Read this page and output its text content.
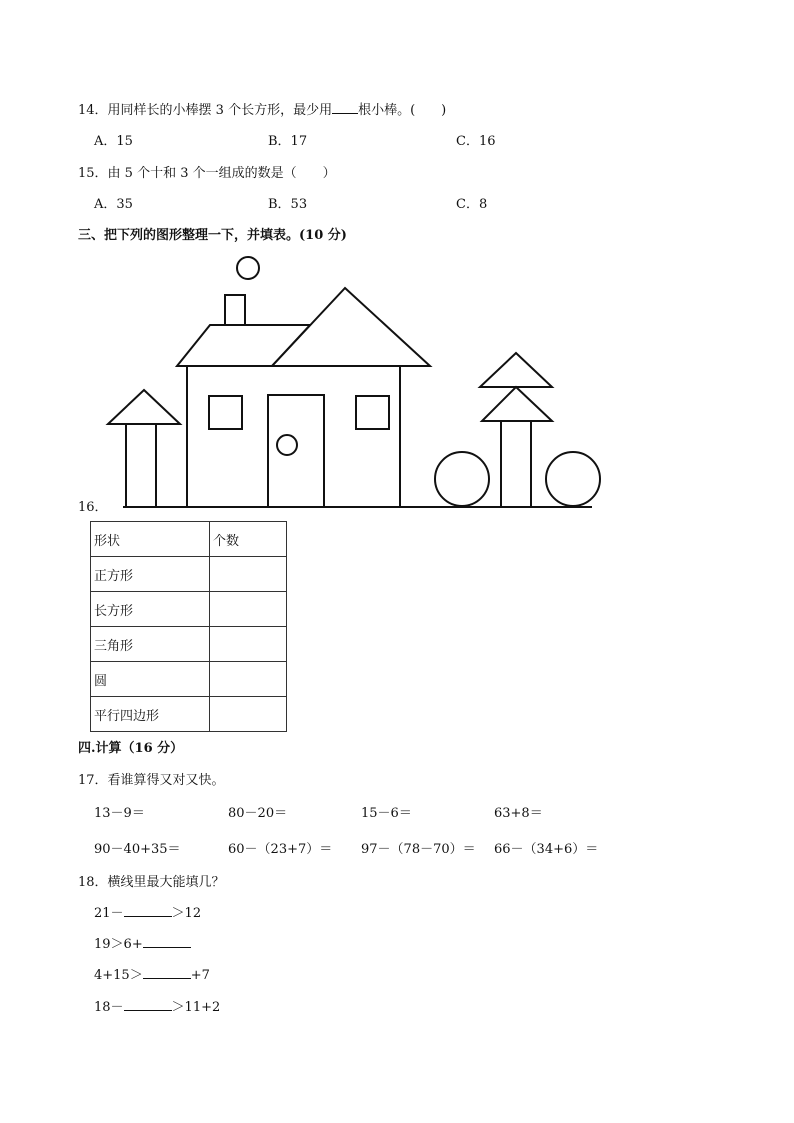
14．用同样长的小棒摆 3 个长方形，最少用 根小棒。(　　)
A．15	B．17	C．16
15．由 5 个十和 3 个一组成的数是（　　）
A．35	B．53	C．8
三、把下列的图形整理一下，并填表。(10 分)
16．
形状	个数
正方形	
长方形	
三角形	
圆	
平行四边形	
四.计算（16 分）
17．看谁算得又对又快。
13－9＝	80－20＝	15－6＝	63+8＝
90－40+35＝	60－（23+7）＝ 97－（78－70）＝ 66－（34+6）＝
18．横线里最大能填几？
21－	＞12
19＞6+
4+15＞	+7
18－	＞11+2
